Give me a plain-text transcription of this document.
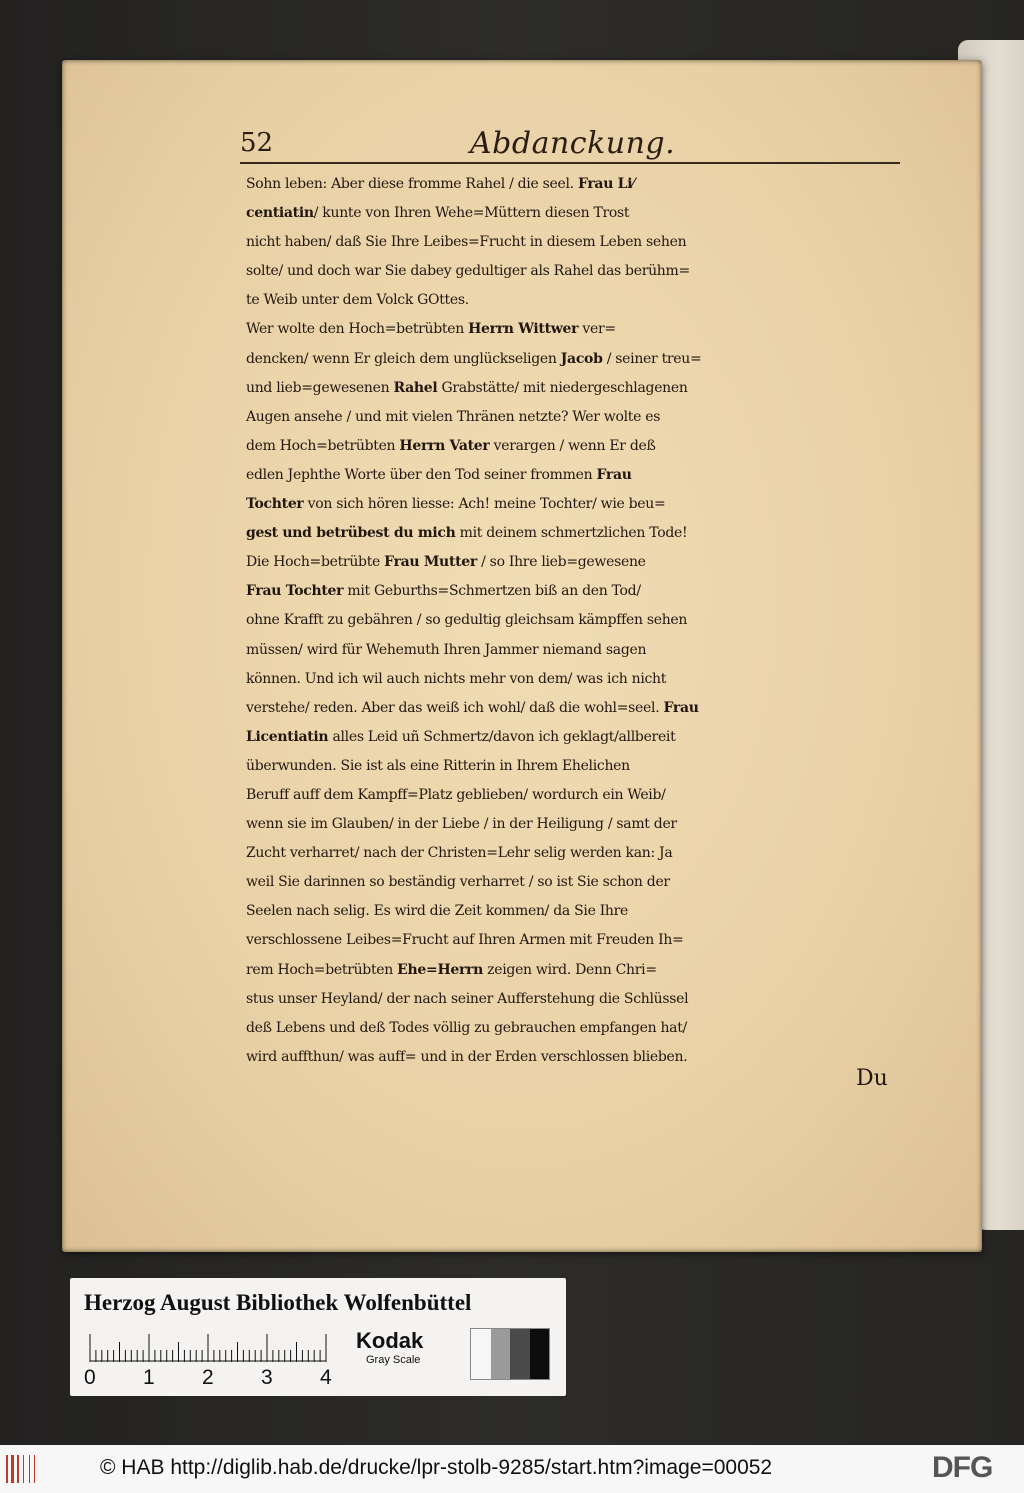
52	Abdanckung.
Sohn leben: Aber diese fromme Rahel / die seel. Frau Li⁄
centiatin/ kunte von Ihren Wehe=Müttern diesen Trost
nicht haben/ daß Sie Ihre Leibes=Frucht in diesem Leben sehen
solte/ und doch war Sie dabey gedultiger als Rahel das berühm=
te Weib unter dem Volck GOttes.
Wer wolte den Hoch=betrübten Herrn Wittwer ver=
dencken/ wenn Er gleich dem unglückseligen Jacob / seiner treu=
und lieb=gewesenen Rahel Grabstätte/ mit niedergeschlagenen
Augen ansehe / und mit vielen Thränen netzte? Wer wolte es
dem Hoch=betrübten Herrn Vater verargen / wenn Er deß
edlen Jephthe Worte über den Tod seiner frommen Frau
Tochter von sich hören liesse: Ach! meine Tochter/ wie beu=
gest und betrübest du mich mit deinem schmertzlichen Tode!
Die Hoch=betrübte Frau Mutter / so Ihre lieb=gewesene
Frau Tochter mit Geburths=Schmertzen biß an den Tod/
ohne Krafft zu gebähren / so gedultig gleichsam kämpffen sehen
müssen/ wird für Wehemuth Ihren Jammer niemand sagen
können. Und ich wil auch nichts mehr von dem/ was ich nicht
verstehe/ reden. Aber das weiß ich wohl/ daß die wohl=seel. Frau
Licentiatin alles Leid uñ Schmertz/davon ich geklagt/allbereit
überwunden. Sie ist als eine Ritterin in Ihrem Ehelichen
Beruff auff dem Kampff=Platz geblieben/ wordurch ein Weib/
wenn sie im Glauben/ in der Liebe / in der Heiligung / samt der
Zucht verharret/ nach der Christen=Lehr selig werden kan: Ja
weil Sie darinnen so beständig verharret / so ist Sie schon der
Seelen nach selig. Es wird die Zeit kommen/ da Sie Ihre
verschlossene Leibes=Frucht auf Ihren Armen mit Freuden Ih=
rem Hoch=betrübten Ehe=Herrn zeigen wird. Denn Chri=
stus unser Heyland/ der nach seiner Aufferstehung die Schlüssel
deß Lebens und deß Todes völlig zu gebrauchen empfangen hat/
wird auffthun/ was auff= und in der Erden verschlossen blieben.
Du
Herzog August Bibliothek Wolfenbüttel
0 1 2 3 4
Kodak
Gray Scale
© HAB http://diglib.hab.de/drucke/lpr-stolb-9285/start.htm?image=00052	DFG
